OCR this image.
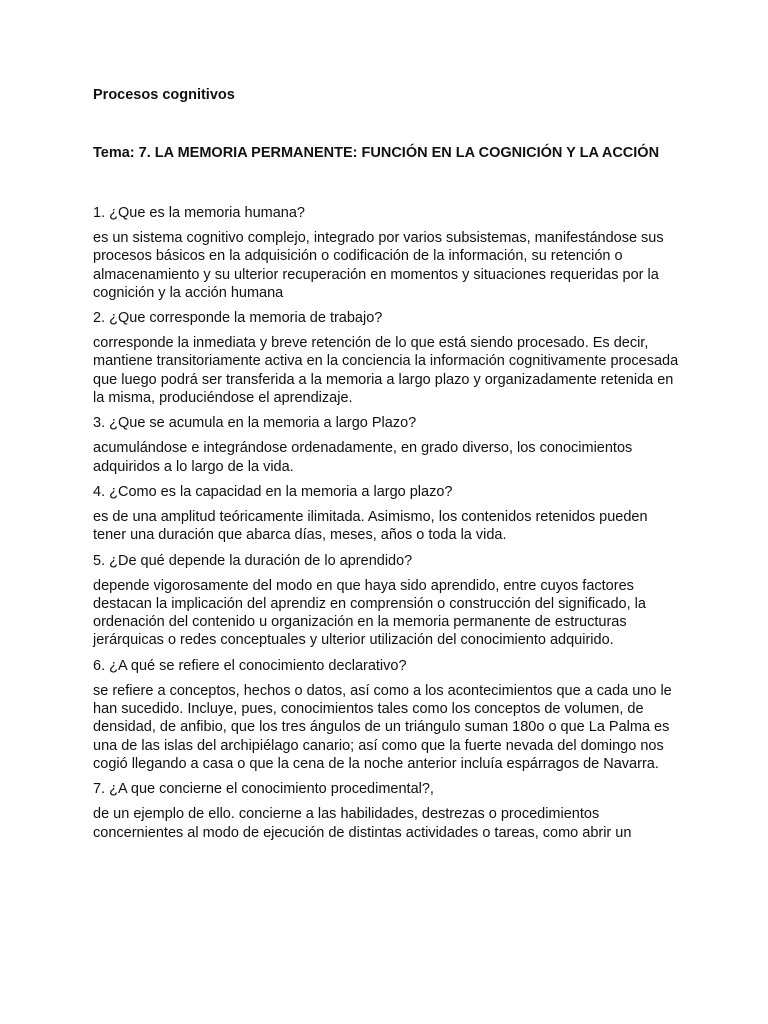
Procesos cognitivos

Tema: 7. LA MEMORIA PERMANENTE: FUNCIÓN EN LA COGNICIÓN Y LA ACCIÓN

1. ¿Que es la memoria humana?

es un sistema cognitivo complejo, integrado por varios subsistemas, manifestándose sus procesos básicos en la adquisición o codificación de la información, su retención o almacenamiento y su ulterior recuperación en momentos y situaciones requeridas por la cognición y la acción humana

2. ¿Que corresponde la memoria de trabajo?

corresponde la inmediata y breve retención de lo que está siendo procesado. Es decir, mantiene transitoriamente activa en la conciencia la información cognitivamente procesada que luego podrá ser transferida a la memoria a largo plazo y organizadamente retenida en la misma, produciéndose el aprendizaje.

3. ¿Que se acumula en la memoria a largo Plazo?

acumulándose e integrándose ordenadamente, en grado diverso, los conocimientos adquiridos a lo largo de la vida.

4. ¿Como es la capacidad en la memoria a largo plazo?

es de una amplitud teóricamente ilimitada. Asimismo, los contenidos retenidos pueden tener una duración que abarca días, meses, años o toda la vida.

5. ¿De qué depende la duración de lo aprendido?

depende vigorosamente del modo en que haya sido aprendido, entre cuyos factores destacan la implicación del aprendiz en comprensión o construcción del significado, la ordenación del contenido u organización en la memoria permanente de estructuras jerárquicas o redes conceptuales y ulterior utilización del conocimiento adquirido.

6. ¿A qué se refiere el conocimiento declarativo?

se refiere a conceptos, hechos o datos, así como a los acontecimientos que a cada uno le han sucedido. Incluye, pues, conocimientos tales como los conceptos de volumen, de densidad, de anfibio, que los tres ángulos de un triángulo suman 180o o que La Palma es una de las islas del archipiélago canario; así como que la fuerte nevada del domingo nos cogió llegando a casa o que la cena de la noche anterior incluía espárragos de Navarra.

7. ¿A que concierne el conocimiento procedimental?,

de un ejemplo de ello. concierne a las habilidades, destrezas o procedimientos concernientes al modo de ejecución de distintas actividades o tareas, como abrir un
